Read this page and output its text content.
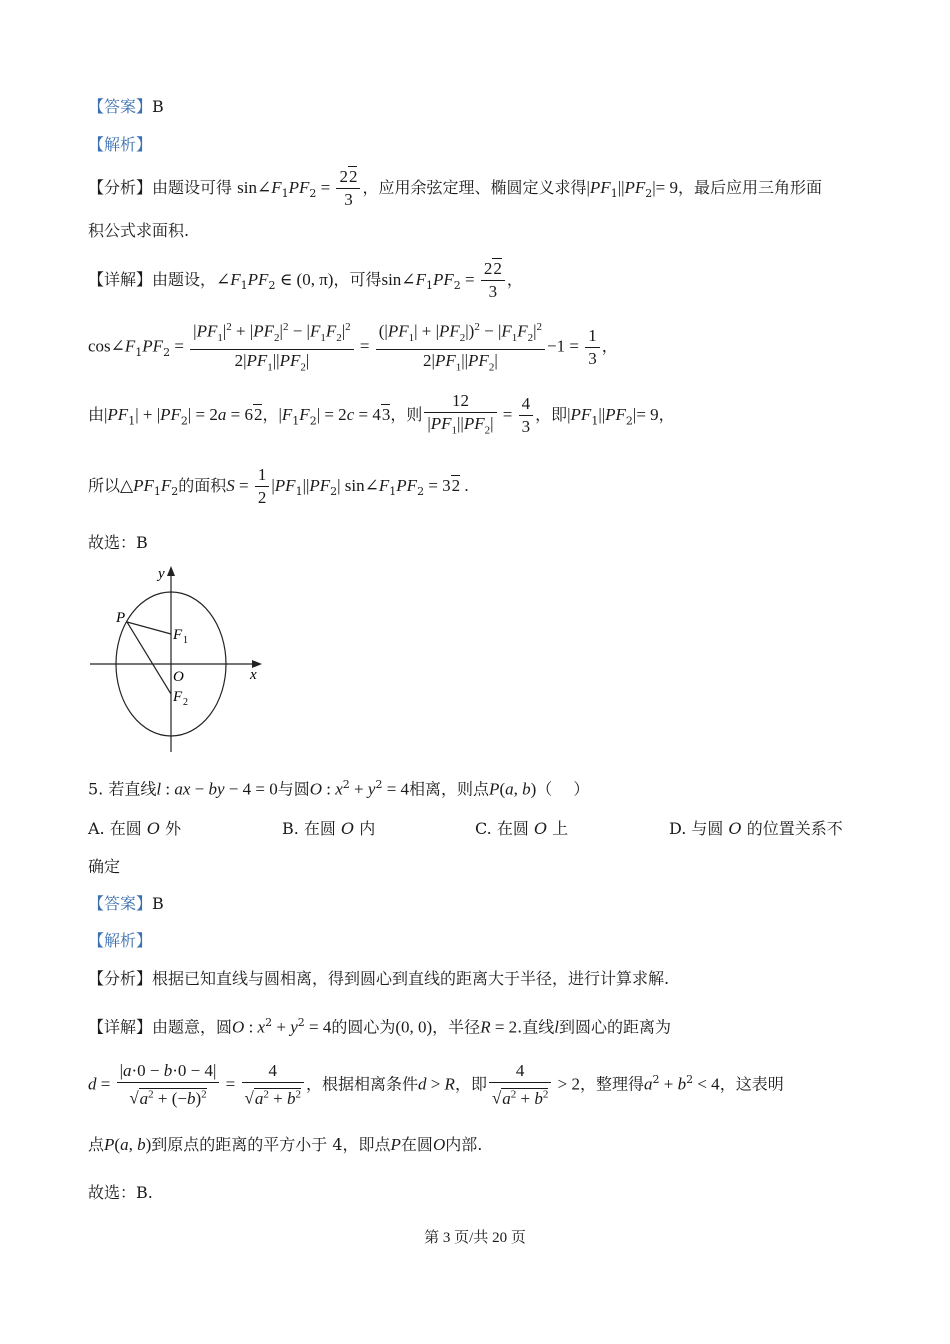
【答案】B
【解析】
【分析】由题设可得 $\sin\angle F_1PF_2 = \frac{22}{3}$ ，应用余弦定理、椭圆定义求得$|PF_1||PF_2|= 9$，最后应用三角形面
积公式求面积.
【详解】由题设，$\angle F_1PF_2$ ∈ (0, π)，可得$\sin\angle F_1PF_2 = \frac{22}{3}$ ，
$\cos\angle F_1PF_2 = \frac{|PF_1|^2 + |PF_2|^2 - |F_1F_2|^2}{2|PF_1||PF_2|} = \frac{(|PF_1| + |PF_2|)^2 - |F_1F_2|^2}{2|PF_1||PF_2|} -1 = \frac{1}{3}$ ，
由$|PF_1| + |PF_2| = 2a = 62$，$|F_1F_2| = 2c = 43$，则 $\frac{12}{|PF_1||PF_2|} = \frac{4}{3}$ ，即$|PF_1||PF_2|= 9$，
所以$\triangle PF_1F_2$的面积$S = \frac{1}{2} |PF_1||PF_2|$ $\sin\angle F_1PF_2 = 32$ .
故选：B
y
x
P
F 1
O
F 2
5. 若直线l : ax − by − 4 = 0与圆O : $x^2 + y^2 = 4$相离，则点P(a, b)（　 ）
A. 在圆 O 外	B. 在圆 O 内	C. 在圆 O 上	D. 与圆 O 的位置关系不
确定
【答案】B
【解析】
【分析】根据已知直线与圆相离，得到圆心到直线的距离大于半径，进行计算求解.
【详解】由题意，圆O : $x^2 + y^2 = 4$的圆心为(0, 0)，半径R = 2.直线l到圆心的距离为
$d = \frac{|a\cdot 0 - b\cdot 0 - 4|}{√a^2 + (-b)^2} = \frac{4}{√a^2 + b^2}$ ，根据相离条件d > R，即 $\frac{4}{√a^2 + b^2} > 2$，整理得$a^2 + b^2 < 4$，这表明
点P(a, b)到原点的距离的平方小于 4，即点P在圆O内部.
故选：B.
第 3 页/共 20 页
